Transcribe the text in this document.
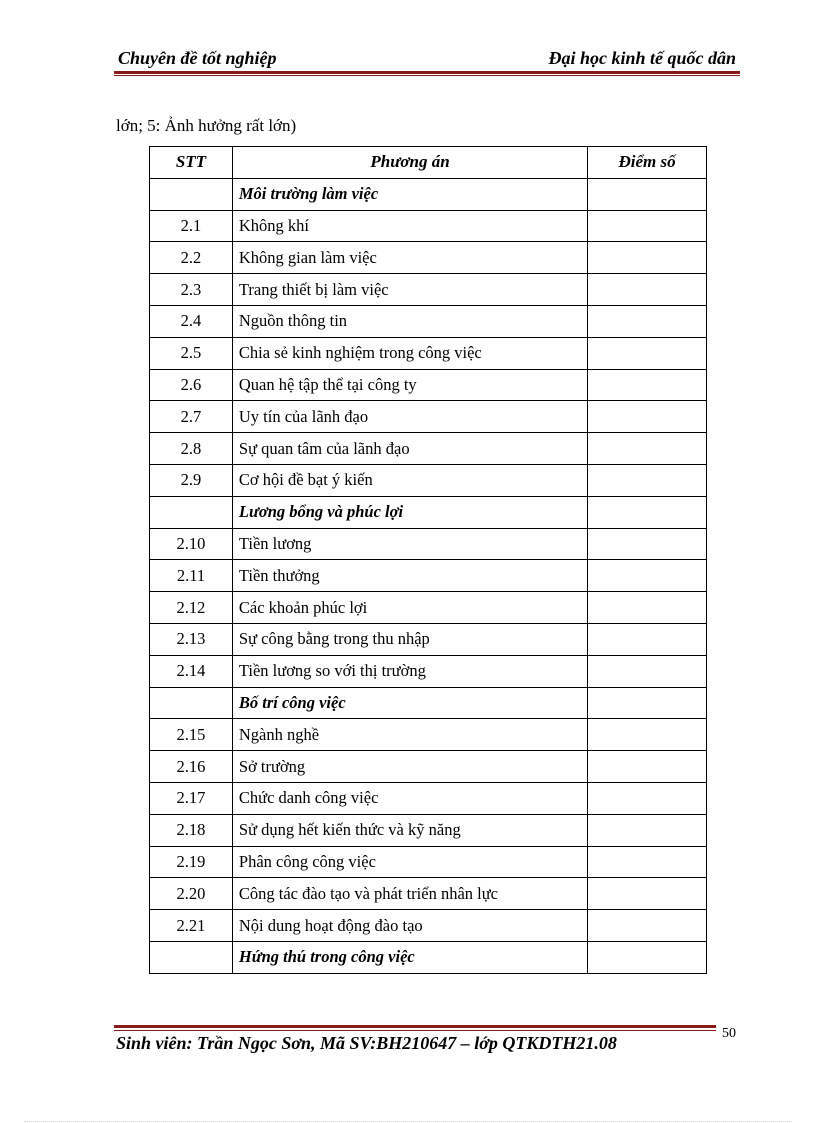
Chuyên đề tốt nghiệp	Đại học kinh tế quốc dân
lớn; 5: Ảnh hưởng rất lớn)
STT	Phương án	Điểm số
	Môi trường làm việc	
2.1	Không khí	
2.2	Không gian làm việc	
2.3	Trang thiết bị làm việc	
2.4	Nguồn thông tin	
2.5	Chia sẻ kinh nghiệm trong công việc	
2.6	Quan hệ tập thể tại công ty	
2.7	Uy tín của lãnh đạo	
2.8	Sự quan tâm của lãnh đạo	
2.9	Cơ hội đề bạt ý kiến	
	Lương bổng và phúc lợi	
2.10	Tiền lương	
2.11	Tiền thưởng	
2.12	Các khoản phúc lợi	
2.13	Sự công bằng trong thu nhập	
2.14	Tiền lương so với thị trường	
	Bố trí công việc	
2.15	Ngành nghề	
2.16	Sở trường	
2.17	Chức danh công việc	
2.18	Sử dụng hết kiến thức và kỹ năng	
2.19	Phân công công việc	
2.20	Công tác đào tạo và phát triển nhân lực	
2.21	Nội dung hoạt động đào tạo	
	Hứng thú trong công việc	
Sinh viên: Trần Ngọc Sơn, Mã SV:BH210647 – lớp QTKDTH21.08	50
